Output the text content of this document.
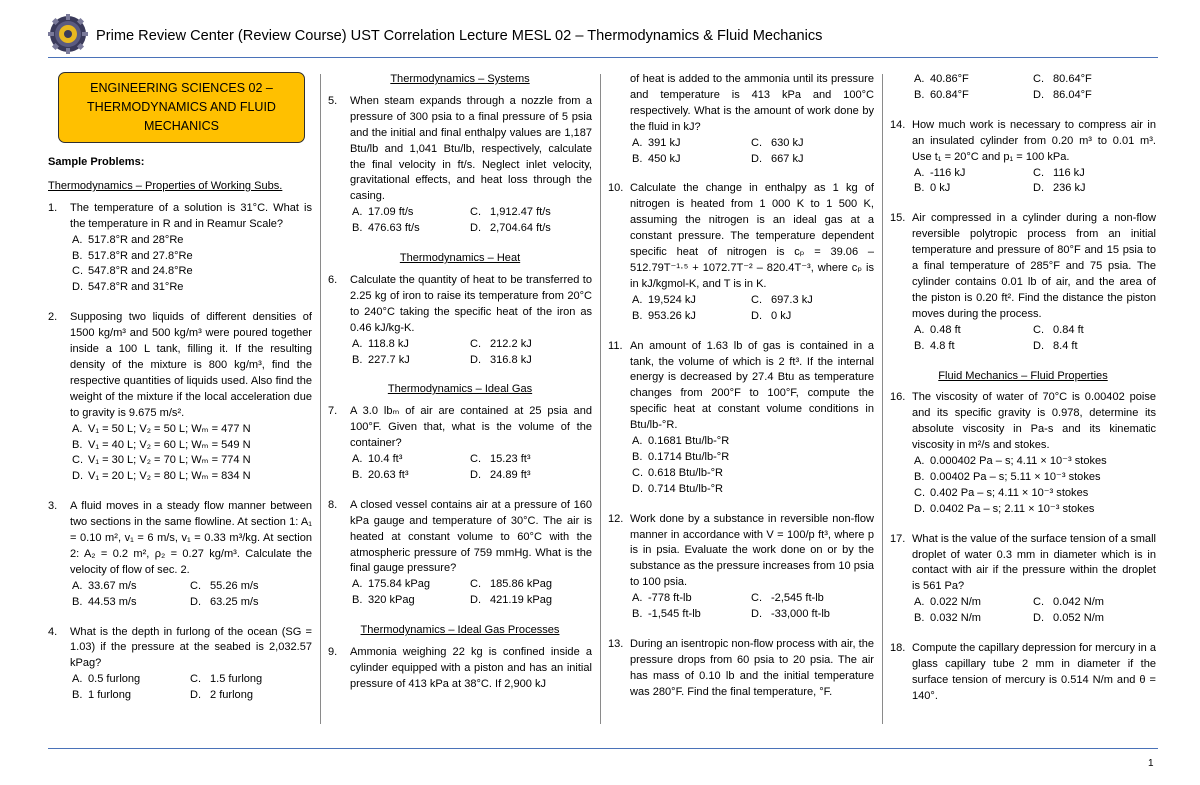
Prime Review Center (Review Course) UST Correlation Lecture MESL 02 – Thermodynamics & Fluid Mechanics
ENGINEERING SCIENCES 02 – THERMODYNAMICS AND FLUID MECHANICS
Sample Problems:
Thermodynamics – Properties of Working Subs.
1.	The temperature of a solution is 31°C. What is the temperature in R and in Reamur Scale?
A. 517.8°R and 28°Re
B. 517.8°R and 27.8°Re
C. 547.8°R and 24.8°Re
D. 547.8°R and 31°Re
2.	Supposing two liquids of different densities of 1500 kg/m³ and 500 kg/m³ were poured together inside a 100 L tank, filling it. If the resulting density of the mixture is 800 kg/m³, find the respective quantities of liquids used. Also find the weight of the mixture if the local acceleration due to gravity is 9.675 m/s².
A. V₁ = 50 L; V₂ = 50 L; Wₘ = 477 N
B. V₁ = 40 L; V₂ = 60 L; Wₘ = 549 N
C. V₁ = 30 L; V₂ = 70 L; Wₘ = 774 N
D. V₁ = 20 L; V₂ = 80 L; Wₘ = 834 N
3.	A fluid moves in a steady flow manner between two sections in the same flowline. At section 1: A₁ = 0.10 m², v₁ = 6 m/s, v₁ = 0.33 m³/kg. At section 2: A₂ = 0.2 m², ρ₂ = 0.27 kg/m³. Calculate the velocity of flow of sec. 2.
A. 33.67 m/s	C. 55.26 m/s
B. 44.53 m/s	D. 63.25 m/s
4.	What is the depth in furlong of the ocean (SG = 1.03) if the pressure at the seabed is 2,032.57 kPag?
A. 0.5 furlong	C. 1.5 furlong
B. 1 furlong	D. 2 furlong
Thermodynamics – Systems
5.	When steam expands through a nozzle from a pressure of 300 psia to a final pressure of 5 psia and the initial and final enthalpy values are 1,187 Btu/lb and 1,041 Btu/lb, respectively, calculate the final velocity in ft/s. Neglect inlet velocity, gravitational effects, and heat loss through the casing.
A. 17.09 ft/s	C. 1,912.47 ft/s
B. 476.63 ft/s	D. 2,704.64 ft/s
Thermodynamics – Heat
6.	Calculate the quantity of heat to be transferred to 2.25 kg of iron to raise its temperature from 20°C to 240°C taking the specific heat of the iron as 0.46 kJ/kg-K.
A. 118.8 kJ	C. 212.2 kJ
B. 227.7 kJ	D. 316.8 kJ
Thermodynamics – Ideal Gas
7.	A 3.0 lbₘ of air are contained at 25 psia and 100°F. Given that, what is the volume of the container?
A. 10.4 ft³	C. 15.23 ft³
B. 20.63 ft³	D. 24.89 ft³
8.	A closed vessel contains air at a pressure of 160 kPa gauge and temperature of 30°C. The air is heated at constant volume to 60°C with the atmospheric pressure of 759 mmHg. What is the final gauge pressure?
A. 175.84 kPag	C. 185.86 kPag
B. 320 kPag	D. 421.19 kPag
Thermodynamics – Ideal Gas Processes
9.	Ammonia weighing 22 kg is confined inside a cylinder equipped with a piston and has an initial pressure of 413 kPa at 38°C. If 2,900 kJ
of heat is added to the ammonia until its pressure and temperature is 413 kPa and 100°C respectively. What is the amount of work done by the fluid in kJ?
A. 391 kJ	C. 630 kJ
B. 450 kJ	D. 667 kJ
10. Calculate the change in enthalpy as 1 kg of nitrogen is heated from 1 000 K to 1 500 K, assuming the nitrogen is an ideal gas at a constant pressure. The temperature dependent specific heat of nitrogen is cₚ = 39.06 – 512.79T⁻¹·⁵ + 1072.7T⁻² – 820.4T⁻³, where cₚ is in kJ/kgmol-K, and T is in K.
A. 19,524 kJ	C. 697.3 kJ
B. 953.26 kJ	D. 0 kJ
11. An amount of 1.63 lb of gas is contained in a tank, the volume of which is 2 ft³. If the internal energy is decreased by 27.4 Btu as temperature changes from 200°F to 100°F, compute the specific heat at constant volume conditions in Btu/lb-°R.
A. 0.1681 Btu/lb-°R
B. 0.1714 Btu/lb-°R
C. 0.618 Btu/lb-°R
D. 0.714 Btu/lb-°R
12. Work done by a substance in reversible non-flow manner in accordance with V = 100/p ft³, where p is in psia. Evaluate the work done on or by the substance as the pressure increases from 10 psia to 100 psia.
A. -778 ft-lb	C. -2,545 ft-lb
B. -1,545 ft-lb	D. -33,000 ft-lb
13. During an isentropic non-flow process with air, the pressure drops from 60 psia to 20 psia. The air has mass of 0.10 lb and the initial temperature was 280°F. Find the final temperature, °F.
A. 40.86°F	C. 80.64°F
B. 60.84°F	D. 86.04°F
14. How much work is necessary to compress air in an insulated cylinder from 0.20 m³ to 0.01 m³. Use t₁ = 20°C and p₁ = 100 kPa.
A. -116 kJ	C. 116 kJ
B. 0 kJ	D. 236 kJ
15. Air compressed in a cylinder during a non-flow reversible polytropic process from an initial temperature and pressure of 80°F and 15 psia to a final temperature of 285°F and 75 psia. The cylinder contains 0.01 lb of air, and the area of the piston is 0.20 ft². Find the distance the piston moves during the process.
A. 0.48 ft	C. 0.84 ft
B. 4.8 ft	D. 8.4 ft
Fluid Mechanics – Fluid Properties
16. The viscosity of water of 70°C is 0.00402 poise and its specific gravity is 0.978, determine its absolute viscosity in Pa-s and its kinematic viscosity in m²/s and stokes.
A. 0.000402 Pa – s; 4.11 × 10⁻³ stokes
B. 0.00402 Pa – s; 5.11 × 10⁻³ stokes
C. 0.402 Pa – s; 4.11 × 10⁻³ stokes
D. 0.0402 Pa – s; 2.11 × 10⁻³ stokes
17. What is the value of the surface tension of a small droplet of water 0.3 mm in diameter which is in contact with air if the pressure within the droplet is 561 Pa?
A. 0.022 N/m	C. 0.042 N/m
B. 0.032 N/m	D. 0.052 N/m
18. Compute the capillary depression for mercury in a glass capillary tube 2 mm in diameter if the surface tension of mercury is 0.514 N/m and θ = 140°.
1
